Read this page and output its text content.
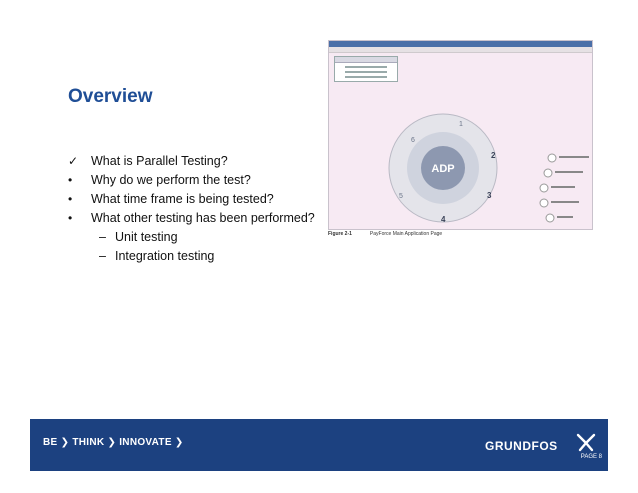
Overview
✓	What is Parallel Testing?
•	Why do we perform the test?
•	What time frame is being tested?
•	What other testing has been performed?
– Unit testing
– Integration testing
ADP
1
2
3
4
5
6
Figure 2-1	PayForce Main Application Page
BE ❯ THINK ❯ INNOVATE ❯	GRUNDFOS
PAGE 8
